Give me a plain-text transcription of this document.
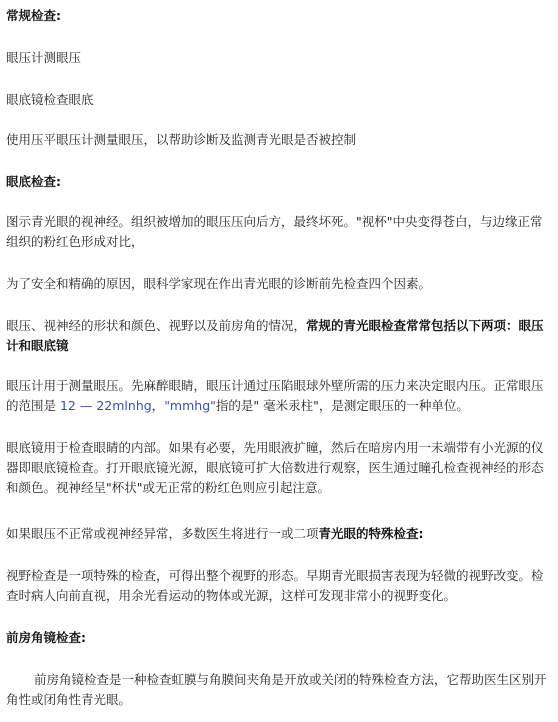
常规检查:
眼压计测眼压
眼底镜检查眼底
使用压平眼压计测量眼压，以帮助诊断及监测青光眼是否被控制
眼底检查:
图示青光眼的视神经。组织被增加的眼压压向后方，最终坏死。"视杯"中央变得苍白，与边缘正常组织的粉红色形成对比，
为了安全和精确的原因，眼科学家现在作出青光眼的诊断前先检查四个因素。
眼压、视神经的形状和颜色、视野以及前房角的情况，常规的青光眼检查常常包括以下两项：眼压计和眼底镜
眼压计用于测量眼压。先麻醉眼睛，眼压计通过压陷眼球外壁所需的压力来决定眼内压。正常眼压的范围是 12 — 22mlnhg，"mmhg"指的是" 毫米汞柱"，是测定眼压的一种单位。
眼底镜用于检查眼睛的内部。如果有必要，先用眼液扩瞳，然后在暗房内用一未端带有小光源的仪器即眼底镜检查。打开眼底镜光源，眼底镜可扩大倍数进行观察，医生通过瞳孔检查视神经的形态和颜色。视神经呈"杯状"或无正常的粉红色则应引起注意。
如果眼压不正常或视神经异常，多数医生将进行一或二项青光眼的特殊检查:
视野检查是一项特殊的检查，可得出整个视野的形态。早期青光眼损害表现为轻微的视野改变。检查时病人向前直视，用余光看运动的物体或光源，这样可发现非常小的视野变化。
前房角镜检查:
前房角镜检查是一种检查虹膜与角膜间夹角是开放或关闭的特殊检查方法，它帮助医生区别开角性或闭角性青光眼。
